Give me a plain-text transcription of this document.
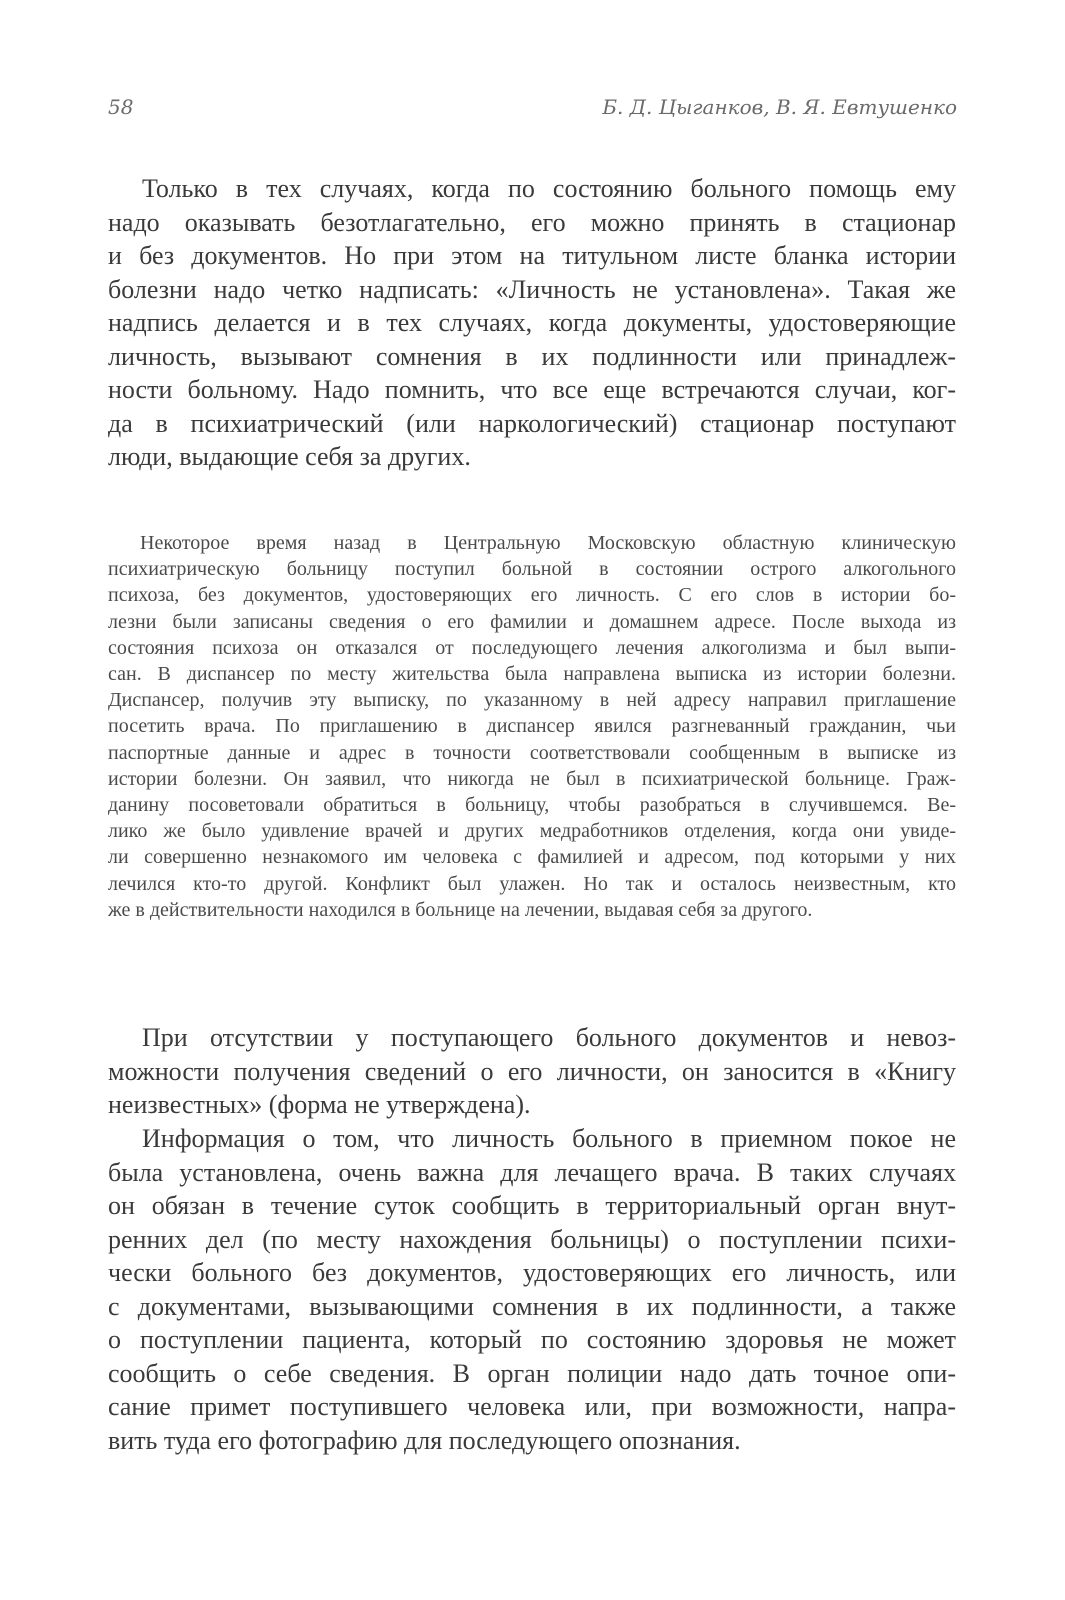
58	Б. Д. Цыганков, В. Я. Евтушенко
Только в тех случаях, когда по состоянию больного помощь ему
надо оказывать безотлагательно, его можно принять в стационар
и без документов. Но при этом на титульном листе бланка истории
болезни надо четко надписать: «Личность не установлена». Такая же
надпись делается и в тех случаях, когда документы, удостоверяющие
личность, вызывают сомнения в их подлинности или принадлеж-
ности больному. Надо помнить, что все еще встречаются случаи, ког-
да в психиатрический (или наркологический) стационар поступают
люди, выдающие себя за других.
Некоторое время назад в Центральную Московскую областную клиническую
психиатрическую больницу поступил больной в состоянии острого алкогольного
психоза, без документов, удостоверяющих его личность. С его слов в истории бо-
лезни были записаны сведения о его фамилии и домашнем адресе. После выхода из
состояния психоза он отказался от последующего лечения алкоголизма и был выпи-
сан. В диспансер по месту жительства была направлена выписка из истории болезни.
Диспансер, получив эту выписку, по указанному в ней адресу направил приглашение
посетить врача. По приглашению в диспансер явился разгневанный гражданин, чьи
паспортные данные и адрес в точности соответствовали сообщенным в выписке из
истории болезни. Он заявил, что никогда не был в психиатрической больнице. Граж-
данину посоветовали обратиться в больницу, чтобы разобраться в случившемся. Ве-
лико же было удивление врачей и других медработников отделения, когда они увиде-
ли совершенно незнакомого им человека с фамилией и адресом, под которыми у них
лечился кто-то другой. Конфликт был улажен. Но так и осталось неизвестным, кто
же в действительности находился в больнице на лечении, выдавая себя за другого.
При отсутствии у поступающего больного документов и невоз-
можности получения сведений о его личности, он заносится в «Книгу
неизвестных» (форма не утверждена).
Информация о том, что личность больного в приемном покое не
была установлена, очень важна для лечащего врача. В таких случаях
он обязан в течение суток сообщить в территориальный орган внут-
ренних дел (по месту нахождения больницы) о поступлении психи-
чески больного без документов, удостоверяющих его личность, или
с документами, вызывающими сомнения в их подлинности, а также
о поступлении пациента, который по состоянию здоровья не может
сообщить о себе сведения. В орган полиции надо дать точное опи-
сание примет поступившего человека или, при возможности, напра-
вить туда его фотографию для последующего опознания.
